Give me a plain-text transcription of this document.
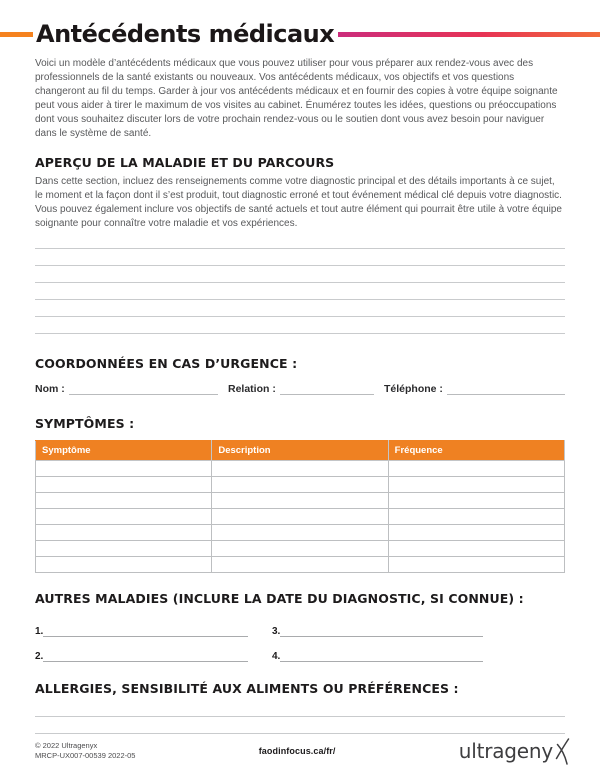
Antécédents médicaux

Voici un modèle d’antécédents médicaux que vous pouvez utiliser pour vous préparer aux rendez-vous avec des professionnels de la santé existants ou nouveaux. Vos antécédents médicaux, vos objectifs et vos questions changeront au fil du temps. Garder à jour vos antécédents médicaux et en fournir des copies à votre équipe soignante peut vous aider à tirer le maximum de vos visites au cabinet. Énumérez toutes les idées, questions ou préoccupations dont vous souhaitez discuter lors de votre prochain rendez-vous ou le soutien dont vous avez besoin pour naviguer dans le système de santé.

APERÇU DE LA MALADIE ET DU PARCOURS

Dans cette section, incluez des renseignements comme votre diagnostic principal et des détails importants à ce sujet, le moment et la façon dont il s’est produit, tout diagnostic erroné et tout événement médical clé depuis votre diagnostic. Vous pouvez également inclure vos objectifs de santé actuels et tout autre élément qui pourrait être utile à votre équipe soignante pour connaître votre maladie et vos expériences.

COORDONNÉES EN CAS D’URGENCE :
Nom :	Relation :	Téléphone :
SYMPTÔMES :
Symptôme	Description	Fréquence

AUTRES MALADIES (INCLURE LA DATE DU DIAGNOSTIC, SI CONNUE) :
1.	3.
2.	4.
ALLERGIES, SENSIBILITÉ AUX ALIMENTS OU PRÉFÉRENCES :
© 2022 Ultragenyx
MRCP-UX007-00539 2022-05	faodinfocus.ca/fr/	ultrageny
